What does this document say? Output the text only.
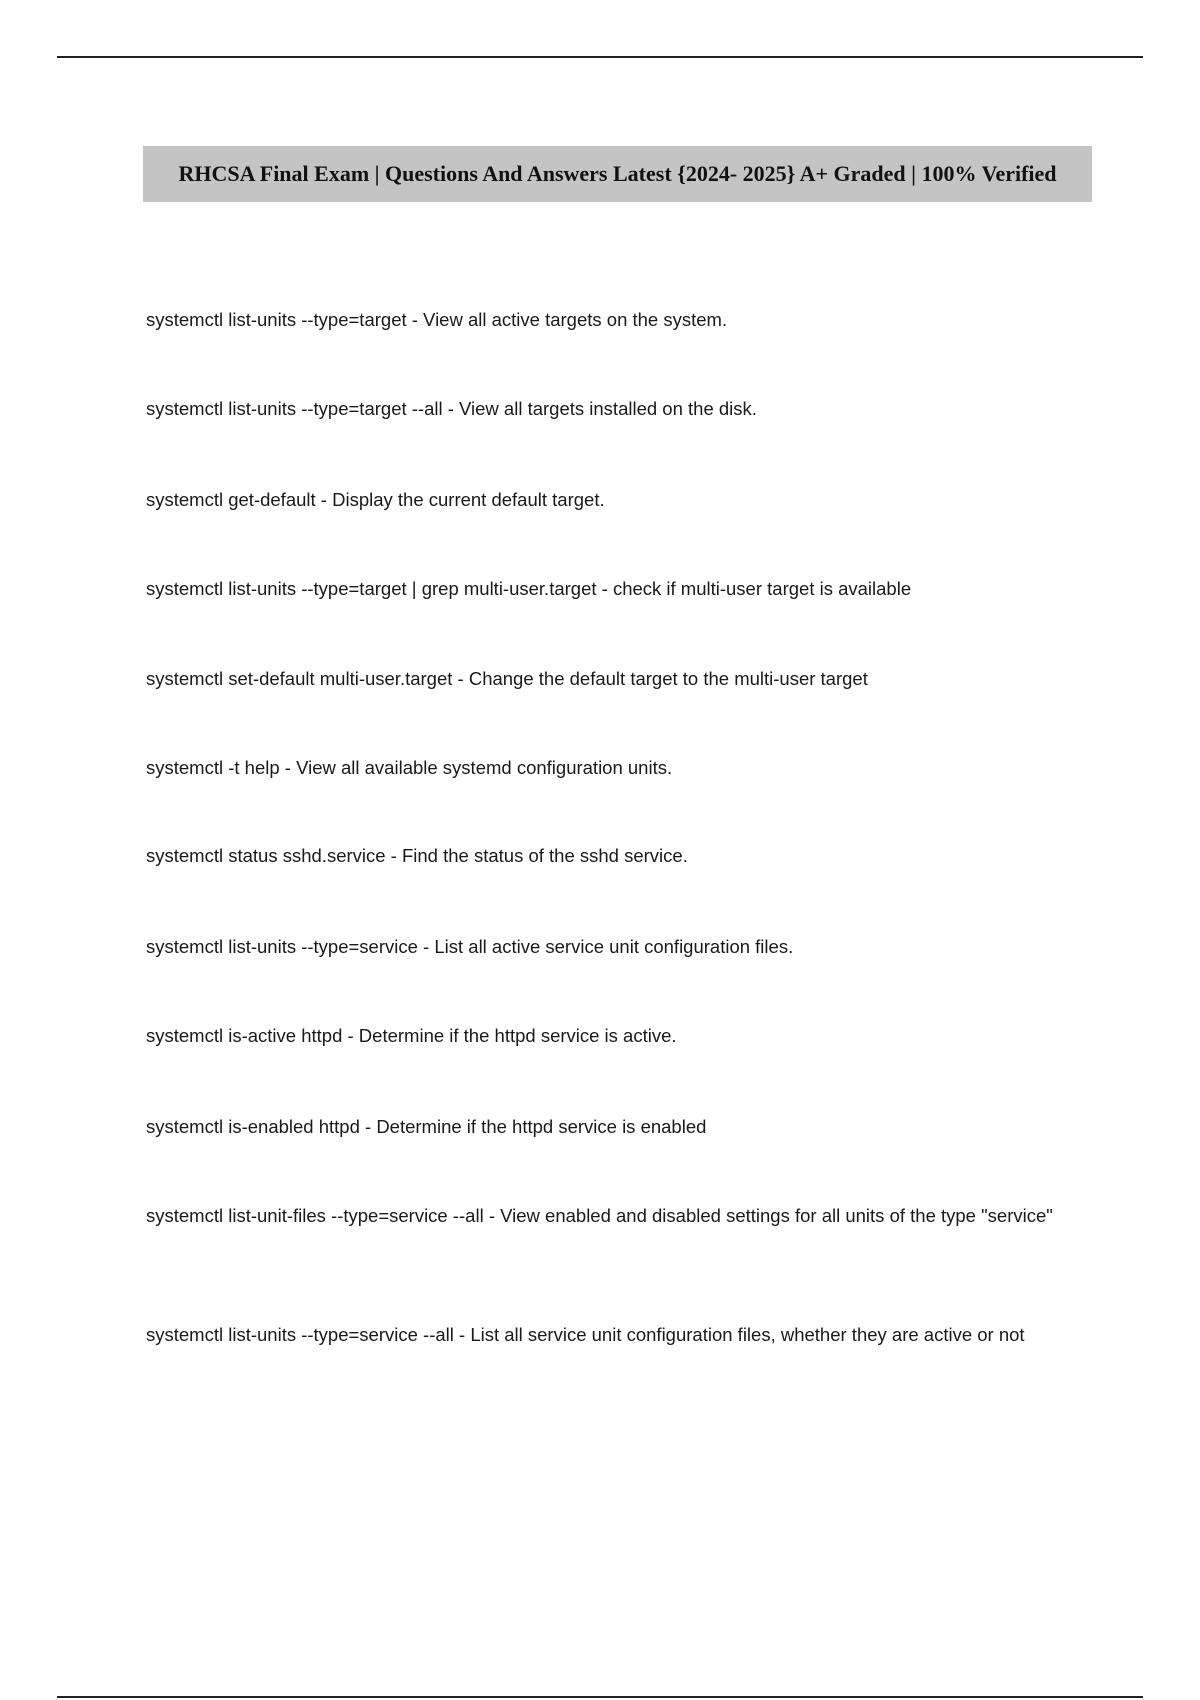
RHCSA Final Exam | Questions And Answers Latest {2024- 2025} A+ Graded | 100% Verified
systemctl list-units --type=target - View all active targets on the system.
systemctl list-units --type=target --all - View all targets installed on the disk.
systemctl get-default - Display the current default target.
systemctl list-units --type=target | grep multi-user.target - check if multi-user target is available
systemctl set-default multi-user.target - Change the default target to the multi-user target
systemctl -t help - View all available systemd configuration units.
systemctl status sshd.service - Find the status of the sshd service.
systemctl list-units --type=service - List all active service unit configuration files.
systemctl is-active httpd - Determine if the httpd service is active.
systemctl is-enabled httpd - Determine if the httpd service is enabled
systemctl list-unit-files --type=service --all - View enabled and disabled settings for all units of the type "service"
systemctl list-units --type=service --all - List all service unit configuration files, whether they are active or not
